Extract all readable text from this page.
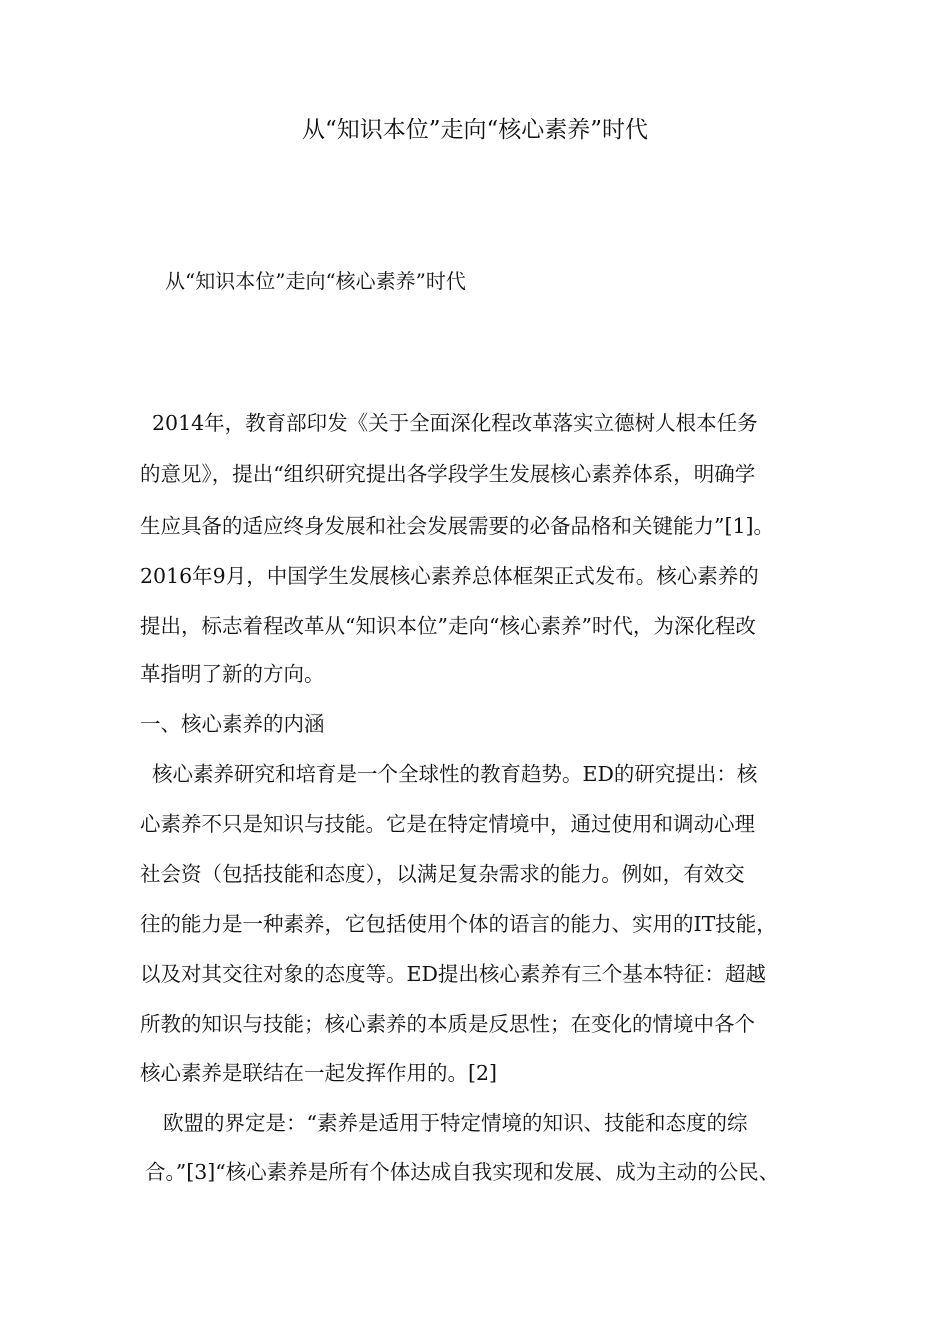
从“知识本位”走向“核心素养”时代
从“知识本位”走向“核心素养”时代
2014年，教育部印发《关于全面深化程改革落实立德树人根本任务
的意见》，提出“组织研究提出各学段学生发展核心素养体系，明确学
生应具备的适应终身发展和社会发展需要的必备品格和关键能力”[1]。
2016年9月，中国学生发展核心素养总体框架正式发布。核心素养的
提出，标志着程改革从“知识本位”走向“核心素养”时代，为深化程改
革指明了新的方向。
一、核心素养的内涵
核心素养研究和培育是一个全球性的教育趋势。ED的研究提出：核
心素养不只是知识与技能。它是在特定情境中，通过使用和调动心理
社会资（包括技能和态度），以满足复杂需求的能力。例如，有效交
往的能力是一种素养，它包括使用个体的语言的能力、实用的IT技能，
以及对其交往对象的态度等。ED提出核心素养有三个基本特征：超越
所教的知识与技能；核心素养的本质是反思性；在变化的情境中各个
核心素养是联结在一起发挥作用的。[2]
欧盟的界定是：“素养是适用于特定情境的知识、技能和态度的综
合。”[3]“核心素养是所有个体达成自我实现和发展、成为主动的公民、
